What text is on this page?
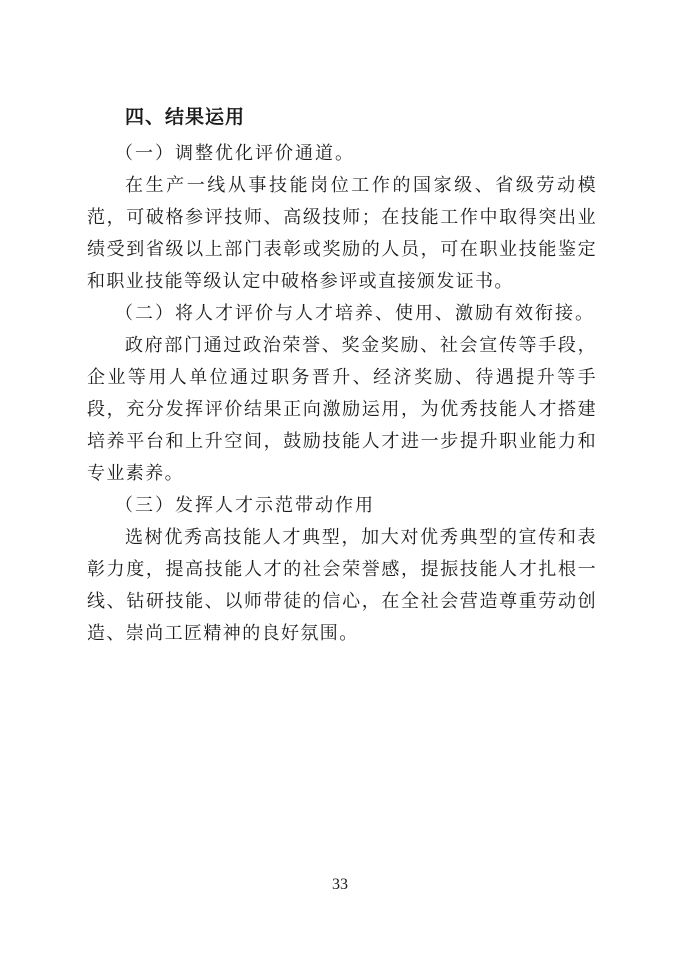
四、结果运用

（一）调整优化评价通道。

在生产一线从事技能岗位工作的国家级、省级劳动模范，可破格参评技师、高级技师；在技能工作中取得突出业绩受到省级以上部门表彰或奖励的人员，可在职业技能鉴定和职业技能等级认定中破格参评或直接颁发证书。

（二）将人才评价与人才培养、使用、激励有效衔接。

政府部门通过政治荣誉、奖金奖励、社会宣传等手段，企业等用人单位通过职务晋升、经济奖励、待遇提升等手段，充分发挥评价结果正向激励运用，为优秀技能人才搭建培养平台和上升空间，鼓励技能人才进一步提升职业能力和专业素养。

（三）发挥人才示范带动作用

选树优秀高技能人才典型，加大对优秀典型的宣传和表彰力度，提高技能人才的社会荣誉感，提振技能人才扎根一线、钻研技能、以师带徒的信心，在全社会营造尊重劳动创造、崇尚工匠精神的良好氛围。

33
